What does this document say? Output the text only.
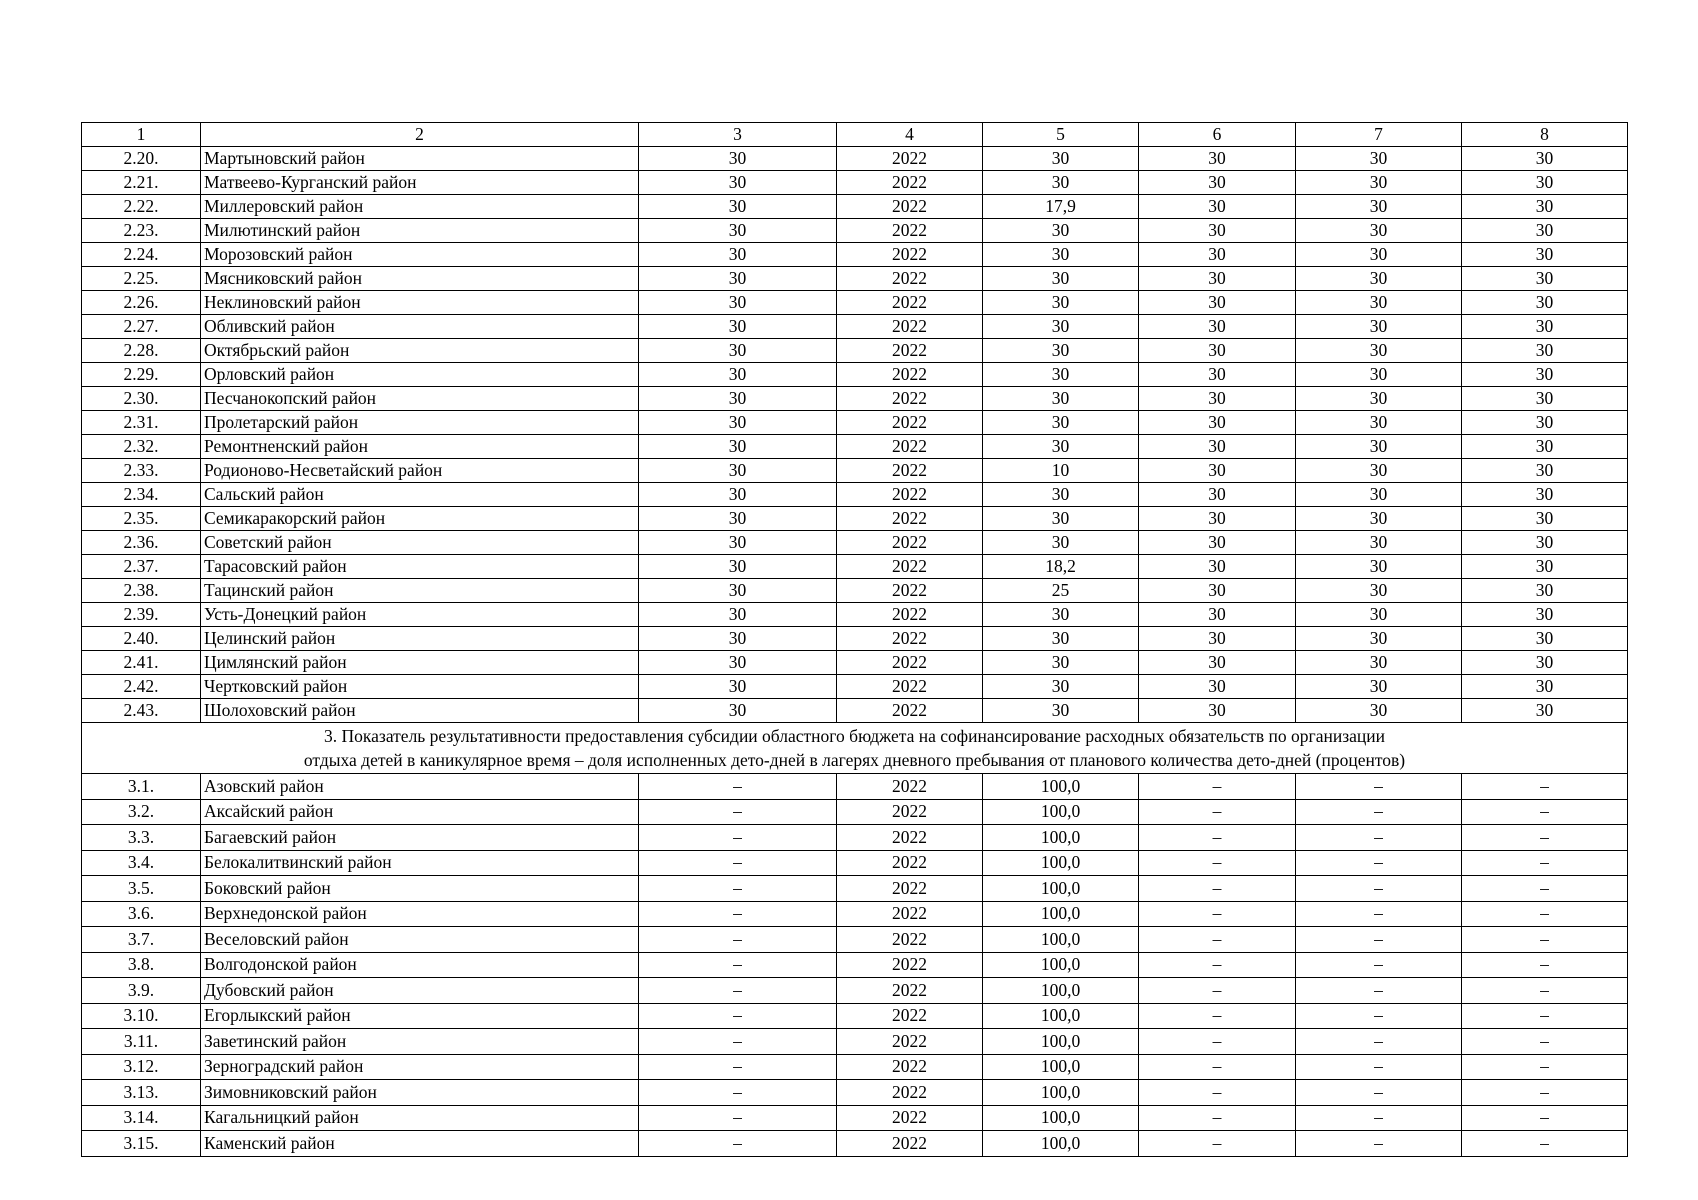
1	2	3	4	5	6	7	8
2.20.	Мартыновский район	30	2022	30	30	30	30
2.21.	Матвеево-Курганский район	30	2022	30	30	30	30
2.22.	Миллеровский район	30	2022	17,9	30	30	30
2.23.	Милютинский район	30	2022	30	30	30	30
2.24.	Морозовский район	30	2022	30	30	30	30
2.25.	Мясниковский район	30	2022	30	30	30	30
2.26.	Неклиновский район	30	2022	30	30	30	30
2.27.	Обливский район	30	2022	30	30	30	30
2.28.	Октябрьский район	30	2022	30	30	30	30
2.29.	Орловский район	30	2022	30	30	30	30
2.30.	Песчанокопский район	30	2022	30	30	30	30
2.31.	Пролетарский район	30	2022	30	30	30	30
2.32.	Ремонтненский район	30	2022	30	30	30	30
2.33.	Родионово-Несветайский район	30	2022	10	30	30	30
2.34.	Сальский район	30	2022	30	30	30	30
2.35.	Семикаракорский район	30	2022	30	30	30	30
2.36.	Советский район	30	2022	30	30	30	30
2.37.	Тарасовский район	30	2022	18,2	30	30	30
2.38.	Тацинский район	30	2022	25	30	30	30
2.39.	Усть-Донецкий район	30	2022	30	30	30	30
2.40.	Целинский район	30	2022	30	30	30	30
2.41.	Цимлянский район	30	2022	30	30	30	30
2.42.	Чертковский район	30	2022	30	30	30	30
2.43.	Шолоховский район	30	2022	30	30	30	30
3. Показатель результативности предоставления субсидии областного бюджета на софинансирование расходных обязательств по организации
отдыха детей в каникулярное время – доля исполненных дето-дней в лагерях дневного пребывания от планового количества дето-дней (процентов)							
3.1.	Азовский район	–	2022	100,0	–	–	–
3.2.	Аксайский район	–	2022	100,0	–	–	–
3.3.	Багаевский район	–	2022	100,0	–	–	–
3.4.	Белокалитвинский район	–	2022	100,0	–	–	–
3.5.	Боковский район	–	2022	100,0	–	–	–
3.6.	Верхнедонской район	–	2022	100,0	–	–	–
3.7.	Веселовский район	–	2022	100,0	–	–	–
3.8.	Волгодонской район	–	2022	100,0	–	–	–
3.9.	Дубовский район	–	2022	100,0	–	–	–
3.10.	Егорлыкский район	–	2022	100,0	–	–	–
3.11.	Заветинский район	–	2022	100,0	–	–	–
3.12.	Зерноградский район	–	2022	100,0	–	–	–
3.13.	Зимовниковский район	–	2022	100,0	–	–	–
3.14.	Кагальницкий район	–	2022	100,0	–	–	–
3.15.	Каменский район	–	2022	100,0	–	–	–
